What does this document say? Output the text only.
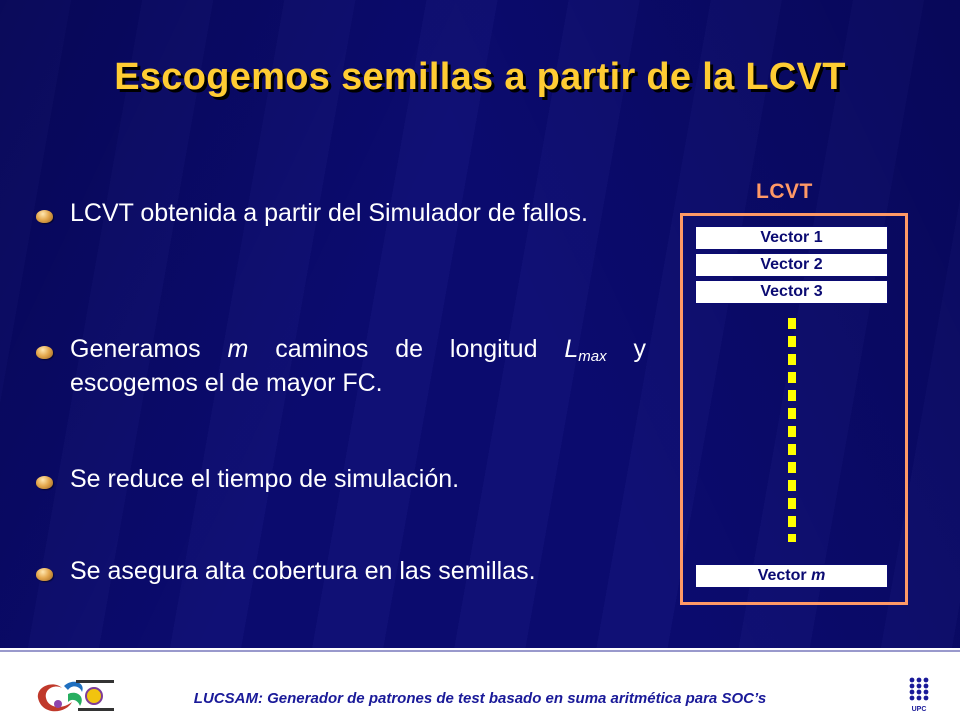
Escogemos semillas a partir de la LCVT
LCVT obtenida a partir del Simulador de fallos.
Generamos m caminos de longitud $L_{max}$ y escogemos el de mayor FC.
Se reduce el tiempo de simulación.
Se asegura alta cobertura en las semillas.
LCVT
Vector 1
Vector 2
Vector 3
Vector m
LUCSAM: Generador de patrones de test basado en suma aritmética para SOC’s
UPC
